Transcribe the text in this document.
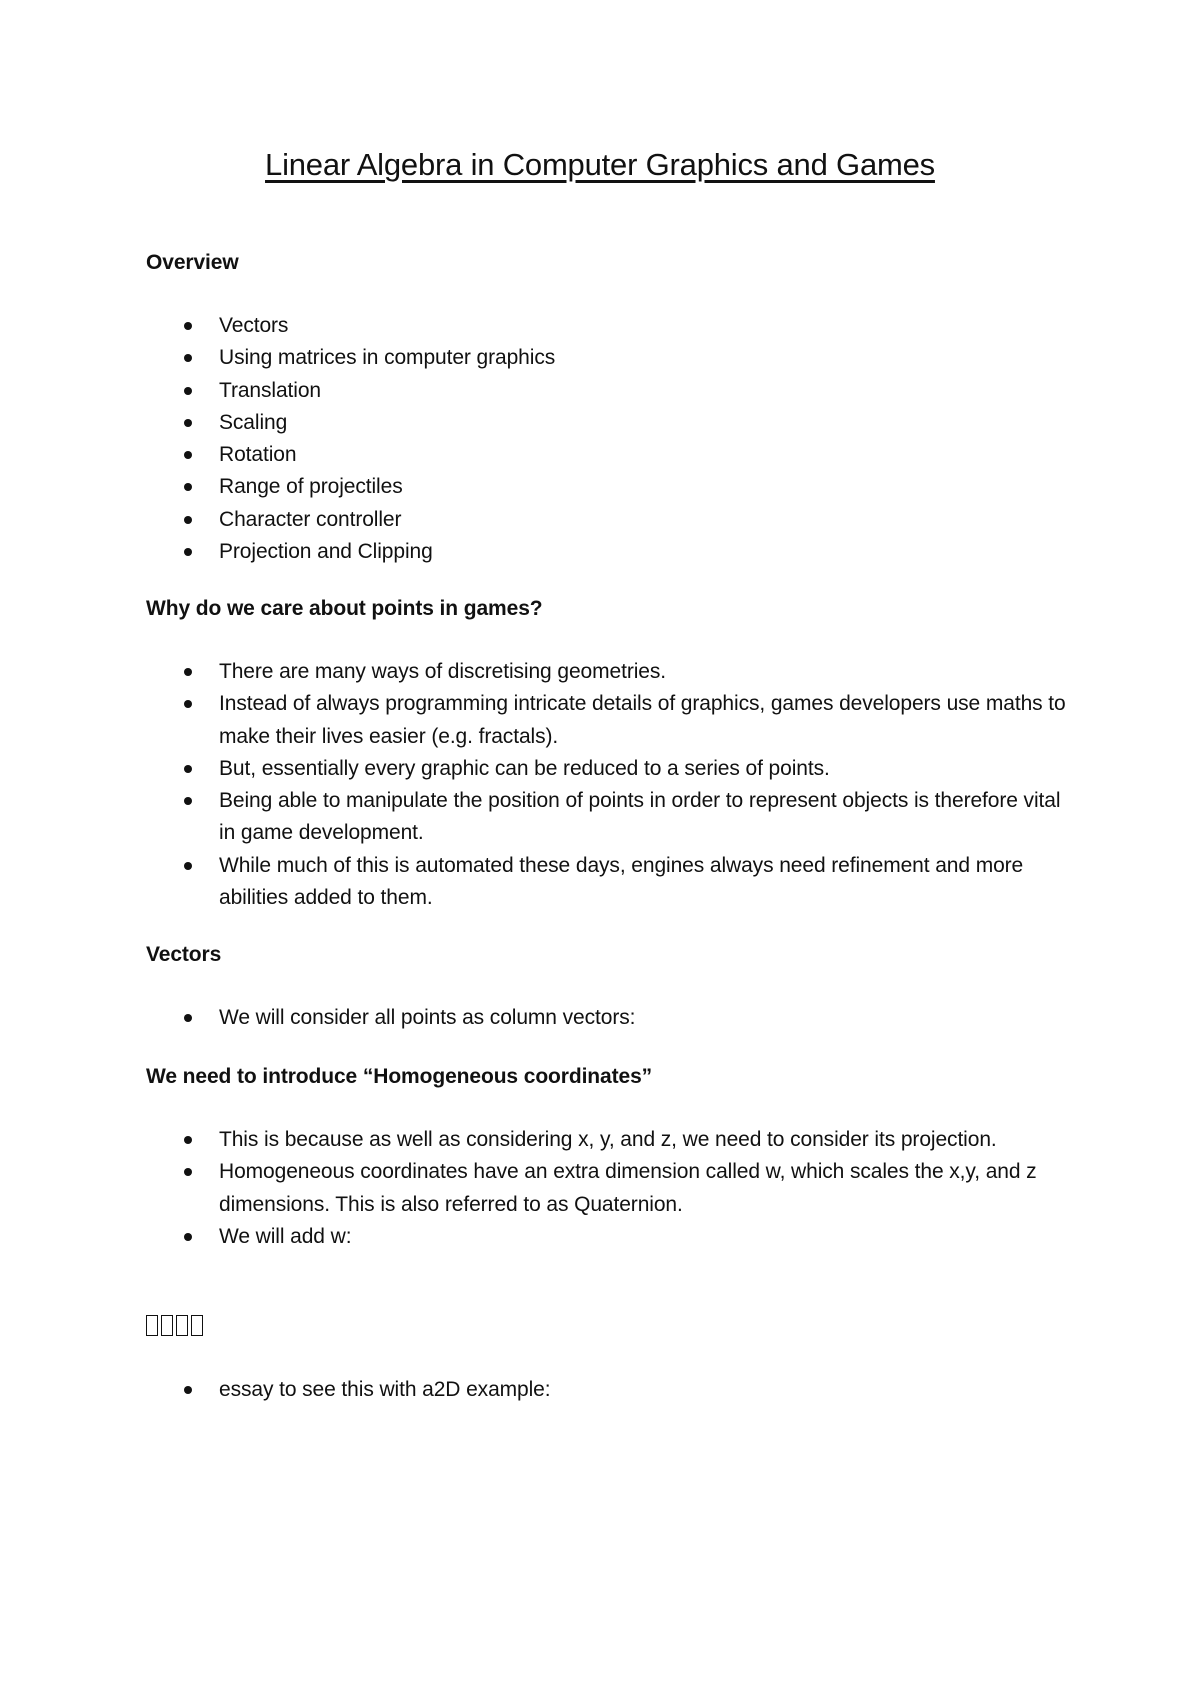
Linear Algebra in Computer Graphics and Games
Overview
Vectors
Using matrices in computer graphics
Translation
Scaling
Rotation
Range of projectiles
Character controller
Projection and Clipping
Why do we care about points in games?
There are many ways of discretising geometries.
Instead of always programming intricate details of graphics, games developers use maths to make their lives easier (e.g. fractals).
But, essentially every graphic can be reduced to a series of points.
Being able to manipulate the position of points in order to represent objects is therefore vital in game development.
While much of this is automated these days, engines always need refinement and more abilities added to them.
Vectors
We will consider all points as column vectors:
We need to introduce “Homogeneous coordinates”
This is because as well as considering x, y, and z, we need to consider its projection.
Homogeneous coordinates have an extra dimension called w, which scales the x,y, and z dimensions. This is also referred to as Quaternion.
We will add w:
essay to see this with a2D example:
